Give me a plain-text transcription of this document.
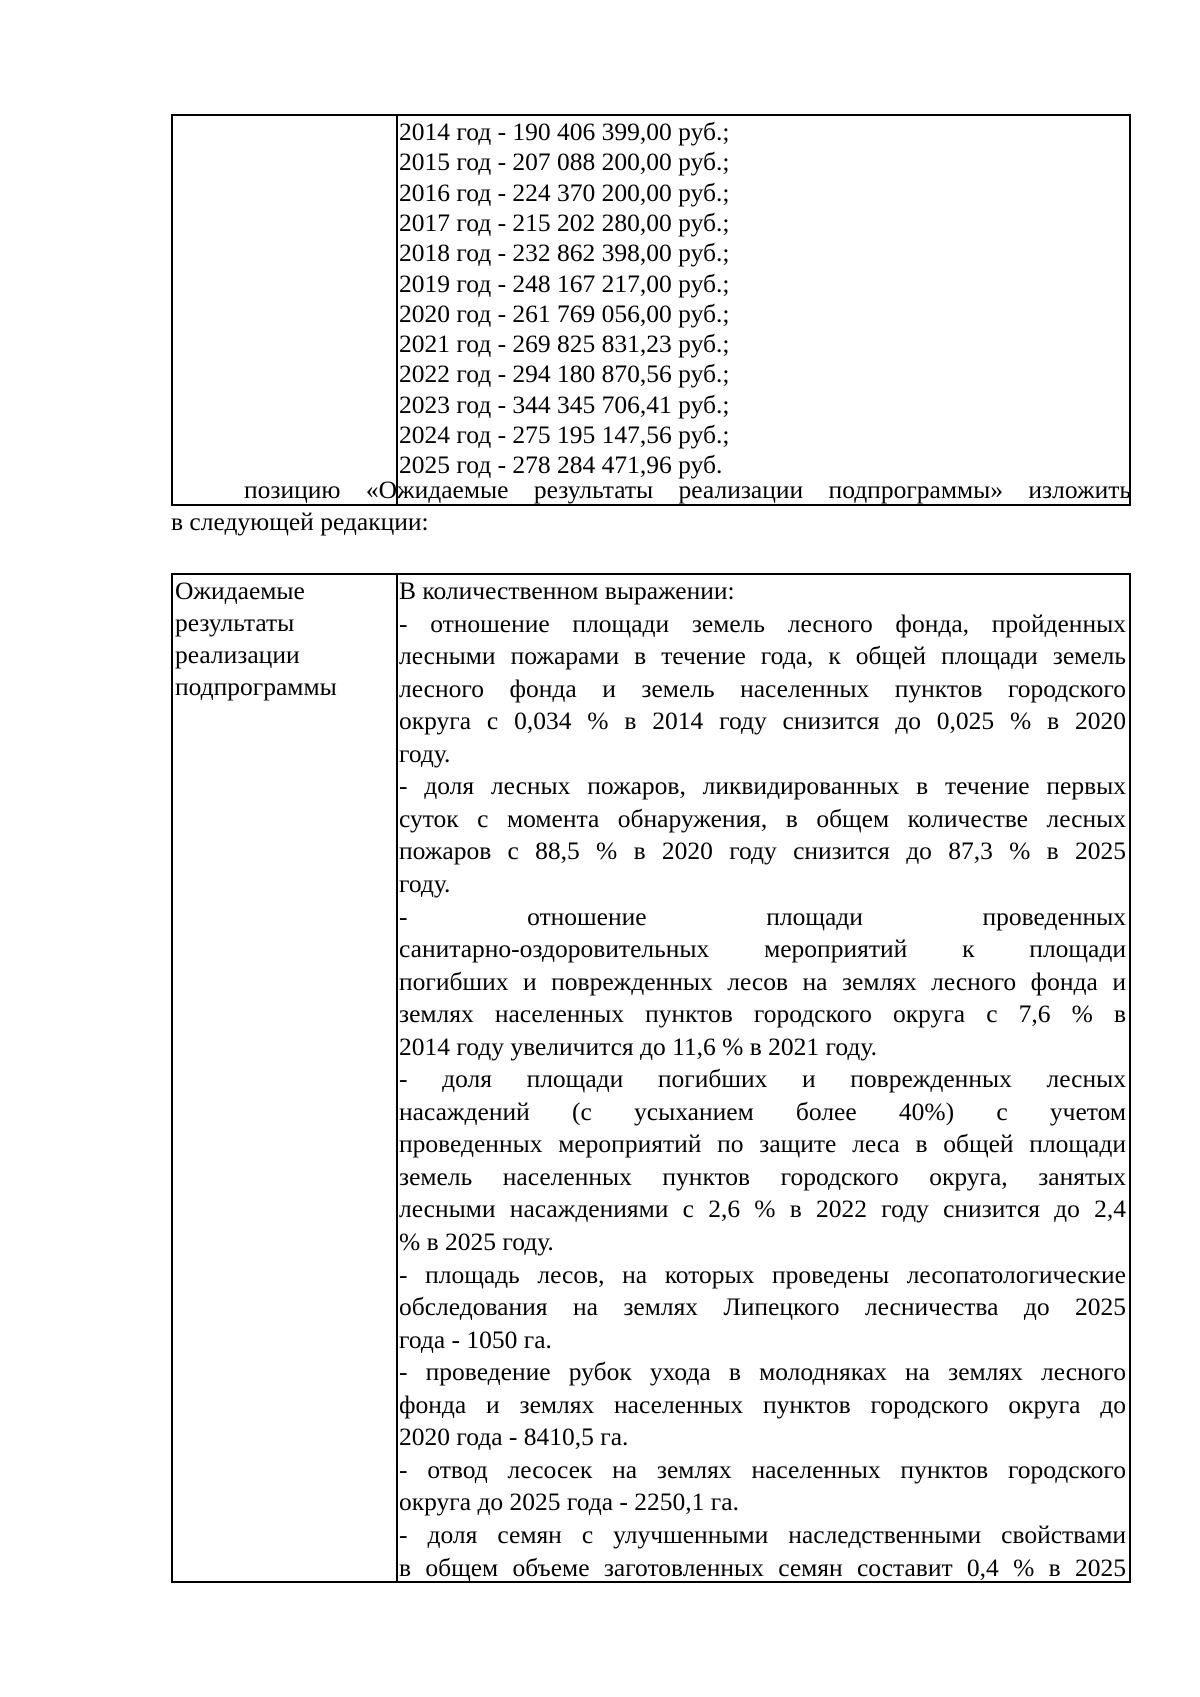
2014 год - 190 406 399,00 руб.;
2015 год - 207 088 200,00 руб.;
2016 год - 224 370 200,00 руб.;
2017 год - 215 202 280,00 руб.;
2018 год - 232 862 398,00 руб.;
2019 год - 248 167 217,00 руб.;
2020 год - 261 769 056,00 руб.;
2021 год - 269 825 831,23 руб.;
2022 год - 294 180 870,56 руб.;
2023 год - 344 345 706,41 руб.;
2024 год - 275 195 147,56 руб.;
2025 год - 278 284 471,96 руб.
позицию «Ожидаемые результаты реализации подпрограммы» изложить
в следующей редакции:
Ожидаемые
результаты
реализации
подпрограммы
В количественном выражении:
- отношение площади земель лесного фонда, пройденных
лесными пожарами в течение года, к общей площади земель
лесного фонда и земель населенных пунктов городского
округа с 0,034 % в 2014 году снизится до 0,025 % в 2020
году.
- доля лесных пожаров, ликвидированных в течение первых
суток с момента обнаружения, в общем количестве лесных
пожаров с 88,5 % в 2020 году снизится до 87,3 % в 2025
году.
- отношение площади проведенных
санитарно-оздоровительных мероприятий к площади
погибших и поврежденных лесов на землях лесного фонда и
землях населенных пунктов городского округа с 7,6 % в
2014 году увеличится до 11,6 % в 2021 году.
- доля площади погибших и поврежденных лесных
насаждений (с усыханием более 40%) с учетом
проведенных мероприятий по защите леса в общей площади
земель населенных пунктов городского округа, занятых
лесными насаждениями с 2,6 % в 2022 году снизится до 2,4
% в 2025 году.
- площадь лесов, на которых проведены лесопатологические
обследования на землях Липецкого лесничества до 2025
года - 1050 га.
- проведение рубок ухода в молодняках на землях лесного
фонда и землях населенных пунктов городского округа до
2020 года - 8410,5 га.
- отвод лесосек на землях населенных пунктов городского
округа до 2025 года - 2250,1 га.
- доля семян с улучшенными наследственными свойствами
в общем объеме заготовленных семян составит 0,4 % в 2025
